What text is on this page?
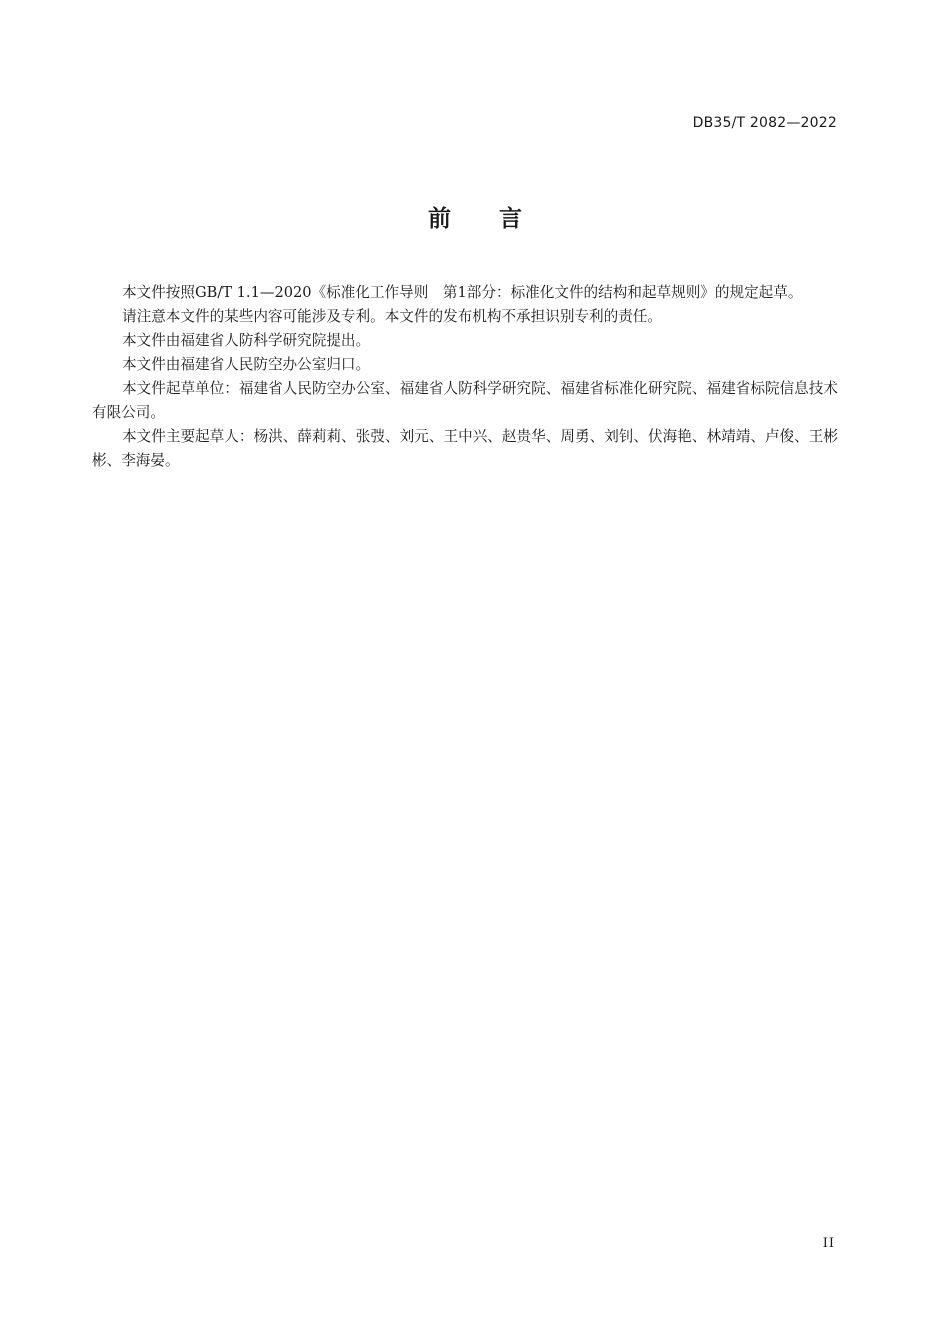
DB35/T 2082—2022
前 言

本文件按照GB/T 1.1—2020《标准化工作导则　第1部分：标准化文件的结构和起草规则》的规定起草。

请注意本文件的某些内容可能涉及专利。本文件的发布机构不承担识别专利的责任。

本文件由福建省人防科学研究院提出。

本文件由福建省人民防空办公室归口。

本文件起草单位：福建省人民防空办公室、福建省人防科学研究院、福建省标准化研究院、福建省标院信息技术有限公司。

本文件主要起草人：杨洪、薛莉莉、张弢、刘元、王中兴、赵贵华、周勇、刘钊、伏海艳、林靖靖、卢俊、王彬彬、李海晏。

II
